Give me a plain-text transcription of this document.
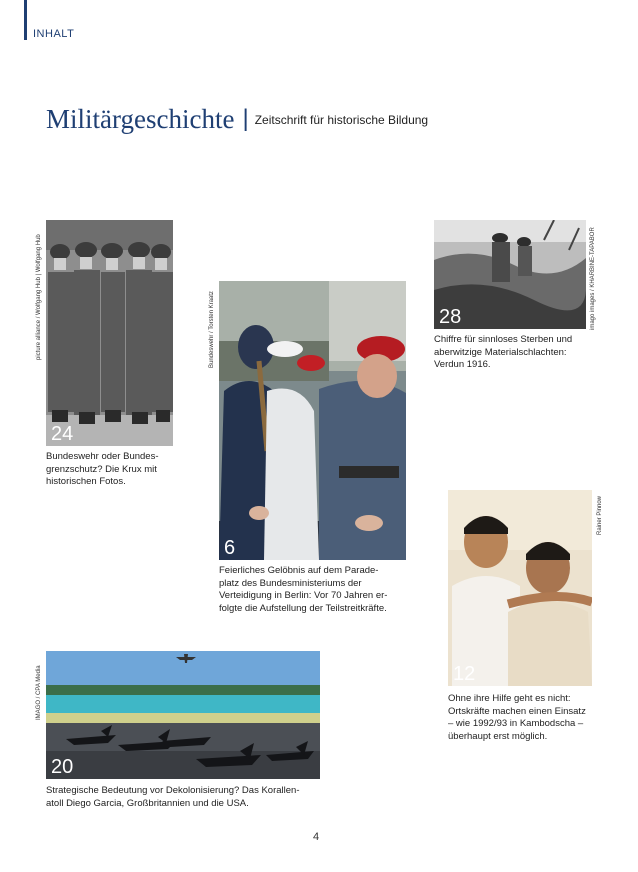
INHALT
Militärgeschichte | $^{Zeitschrift für historische Bildung}$
picture alliance / Wolfgang Hub | Wolfgang Hub
24
Bundeswehr oder Bundes-
grenzschutz? Die Krux mit
historischen Fotos.
Bundeswehr / Torsten Kraatz
6
Feierliches Gelöbnis auf dem Parade-
platz des Bundesministeriums der
Verteidigung in Berlin: Vor 70 Jahren er-
folgte die Aufstellung der Teilstreitkräfte.
28	imago images / KHARBINE-TAPABOR
Chiffre für sinnloses Sterben und
aberwitzige Materialschlachten:
Verdun 1916.
12
Rainer Pinnow
Ohne ihre Hilfe geht es nicht:
Ortskräfte machen einen Einsatz
– wie 1992/93 in Kambodscha –
überhaupt erst möglich.
IMAGO / CPA Media
20
Strategische Bedeutung vor Dekolonisierung? Das Korallen-
atoll Diego Garcia, Großbritannien und die USA.
4
